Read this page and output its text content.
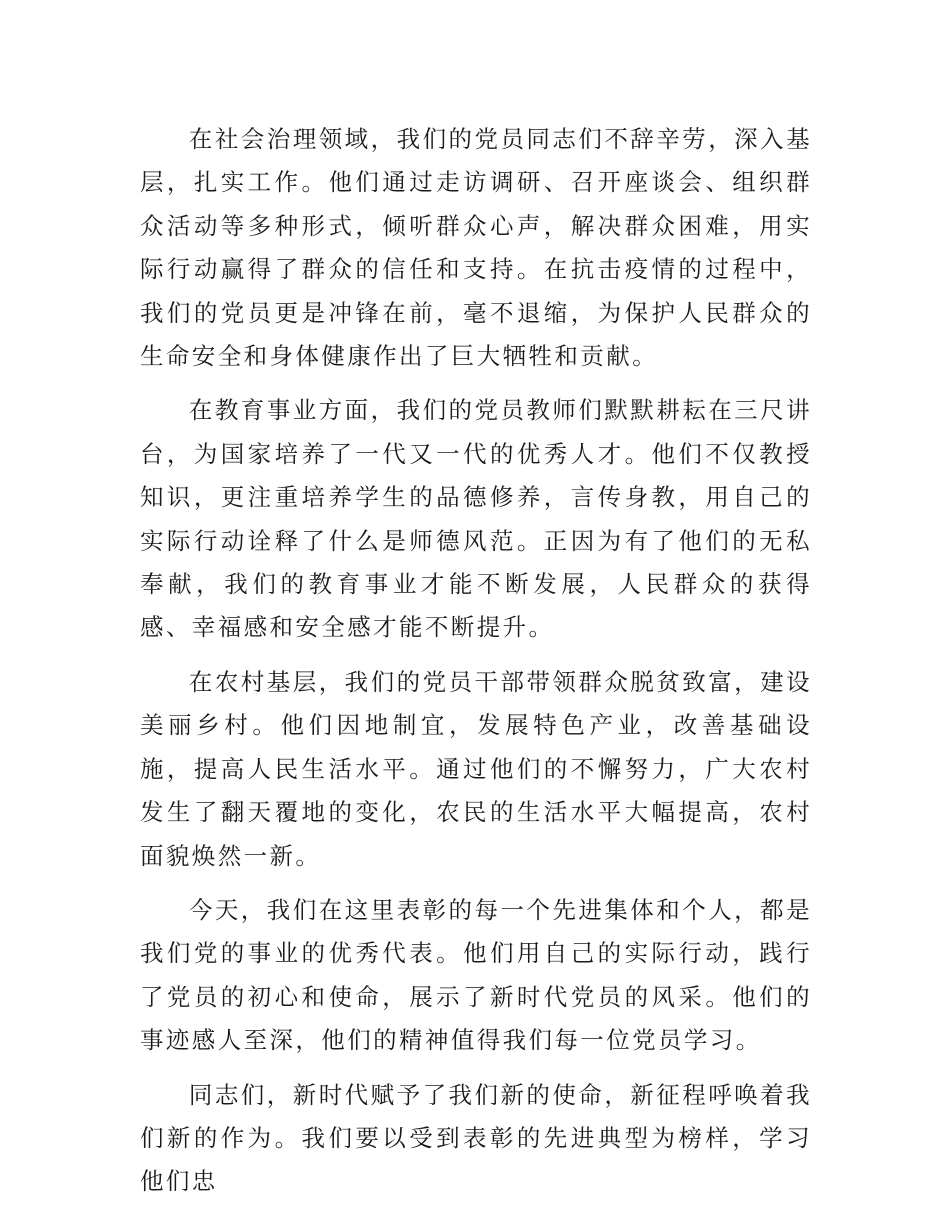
在社会治理领域，我们的党员同志们不辞辛劳，深入基层，扎实工作。他们通过走访调研、召开座谈会、组织群众活动等多种形式，倾听群众心声，解决群众困难，用实际行动赢得了群众的信任和支持。在抗击疫情的过程中，我们的党员更是冲锋在前，毫不退缩，为保护人民群众的生命安全和身体健康作出了巨大牺牲和贡献。

在教育事业方面，我们的党员教师们默默耕耘在三尺讲台，为国家培养了一代又一代的优秀人才。他们不仅教授知识，更注重培养学生的品德修养，言传身教，用自己的实际行动诠释了什么是师德风范。正因为有了他们的无私奉献，我们的教育事业才能不断发展，人民群众的获得感、幸福感和安全感才能不断提升。

在农村基层，我们的党员干部带领群众脱贫致富，建设美丽乡村。他们因地制宜，发展特色产业，改善基础设施，提高人民生活水平。通过他们的不懈努力，广大农村发生了翻天覆地的变化，农民的生活水平大幅提高，农村面貌焕然一新。

今天，我们在这里表彰的每一个先进集体和个人，都是我们党的事业的优秀代表。他们用自己的实际行动，践行了党员的初心和使命，展示了新时代党员的风采。他们的事迹感人至深，他们的精神值得我们每一位党员学习。

同志们，新时代赋予了我们新的使命，新征程呼唤着我们新的作为。我们要以受到表彰的先进典型为榜样，学习他们忠
